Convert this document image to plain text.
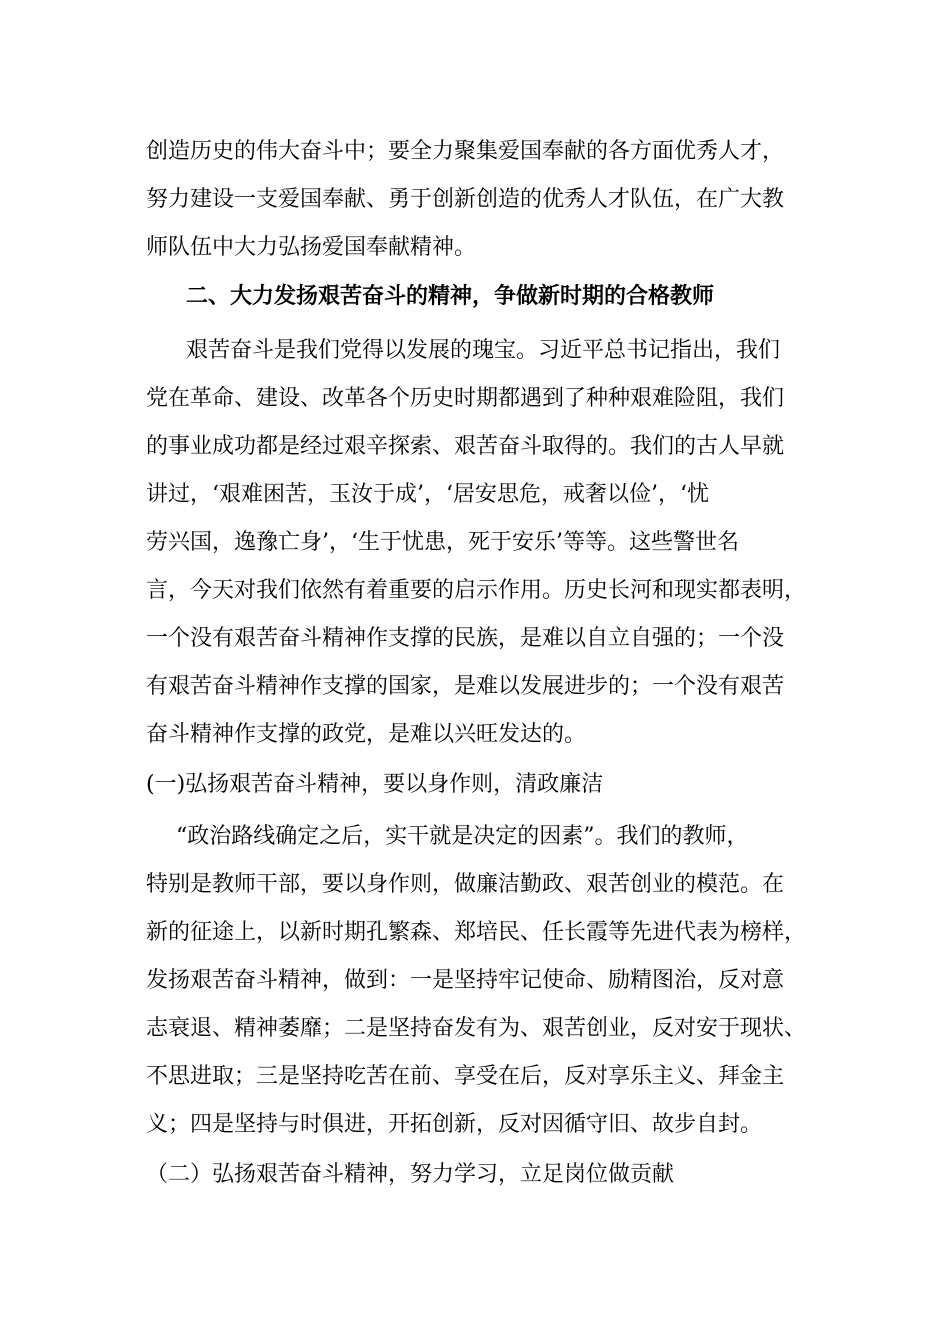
创造历史的伟大奋斗中；要全力聚集爱国奉献的各方面优秀人才，

努力建设一支爱国奉献、勇于创新创造的优秀人才队伍，在广大教

师队伍中大力弘扬爱国奉献精神。

二、大力发扬艰苦奋斗的精神，争做新时期的合格教师

艰苦奋斗是我们党得以发展的瑰宝。习近平总书记指出，我们

党在革命、建设、改革各个历史时期都遇到了种种艰难险阻，我们

的事业成功都是经过艰辛探索、艰苦奋斗取得的。我们的古人早就

讲过，‘艰难困苦，玉汝于成’，‘居安思危，戒奢以俭’，‘忧

劳兴国，逸豫亡身’，‘生于忧患，死于安乐’等等。这些警世名

言，今天对我们依然有着重要的启示作用。历史长河和现实都表明，

一个没有艰苦奋斗精神作支撑的民族，是难以自立自强的；一个没

有艰苦奋斗精神作支撑的国家，是难以发展进步的；一个没有艰苦

奋斗精神作支撑的政党，是难以兴旺发达的。

(一)弘扬艰苦奋斗精神，要以身作则，清政廉洁

“政治路线确定之后，实干就是决定的因素”。我们的教师，

特别是教师干部，要以身作则，做廉洁勤政、艰苦创业的模范。在

新的征途上，以新时期孔繁森、郑培民、任长霞等先进代表为榜样，

发扬艰苦奋斗精神，做到：一是坚持牢记使命、励精图治，反对意

志衰退、精神萎靡；二是坚持奋发有为、艰苦创业，反对安于现状、

不思进取；三是坚持吃苦在前、享受在后，反对享乐主义、拜金主

义；四是坚持与时俱进，开拓创新，反对因循守旧、故步自封。

（二）弘扬艰苦奋斗精神，努力学习，立足岗位做贡献
